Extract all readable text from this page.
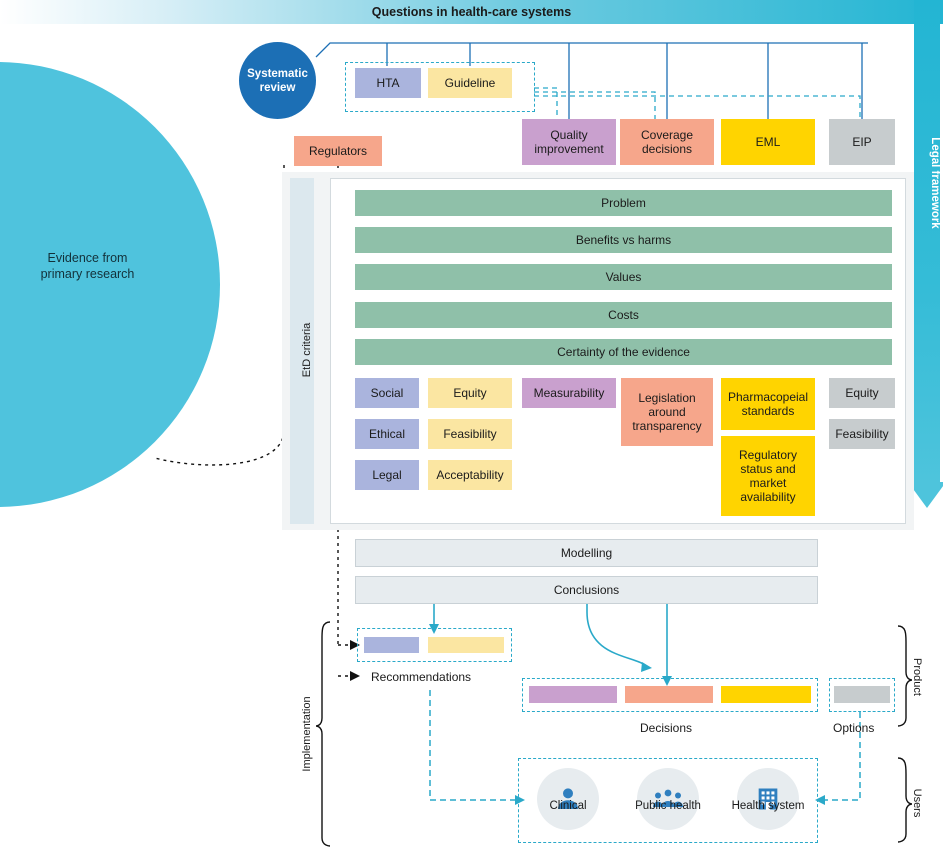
Evidence from
primary research
Questions in health-care systems
Legal framework
Systematic review	HTA	Guideline
Quality improvement
Coverage decisions	EML	EIP
Regulators
EtD criteria
Problem
Benefits vs harms
Values
Costs
Certainty of the evidence
Social
Ethical
Legal
Equity
Feasibility
Acceptability
Measurability	Legislation around transparency
Pharmacopeial standards
Regulatory status and market availability
Equity
Feasibility
Modelling
Conclusions
Recommendations
Decisions	Options
Clinical	Public health	Health system
Implementation
Product
Users
